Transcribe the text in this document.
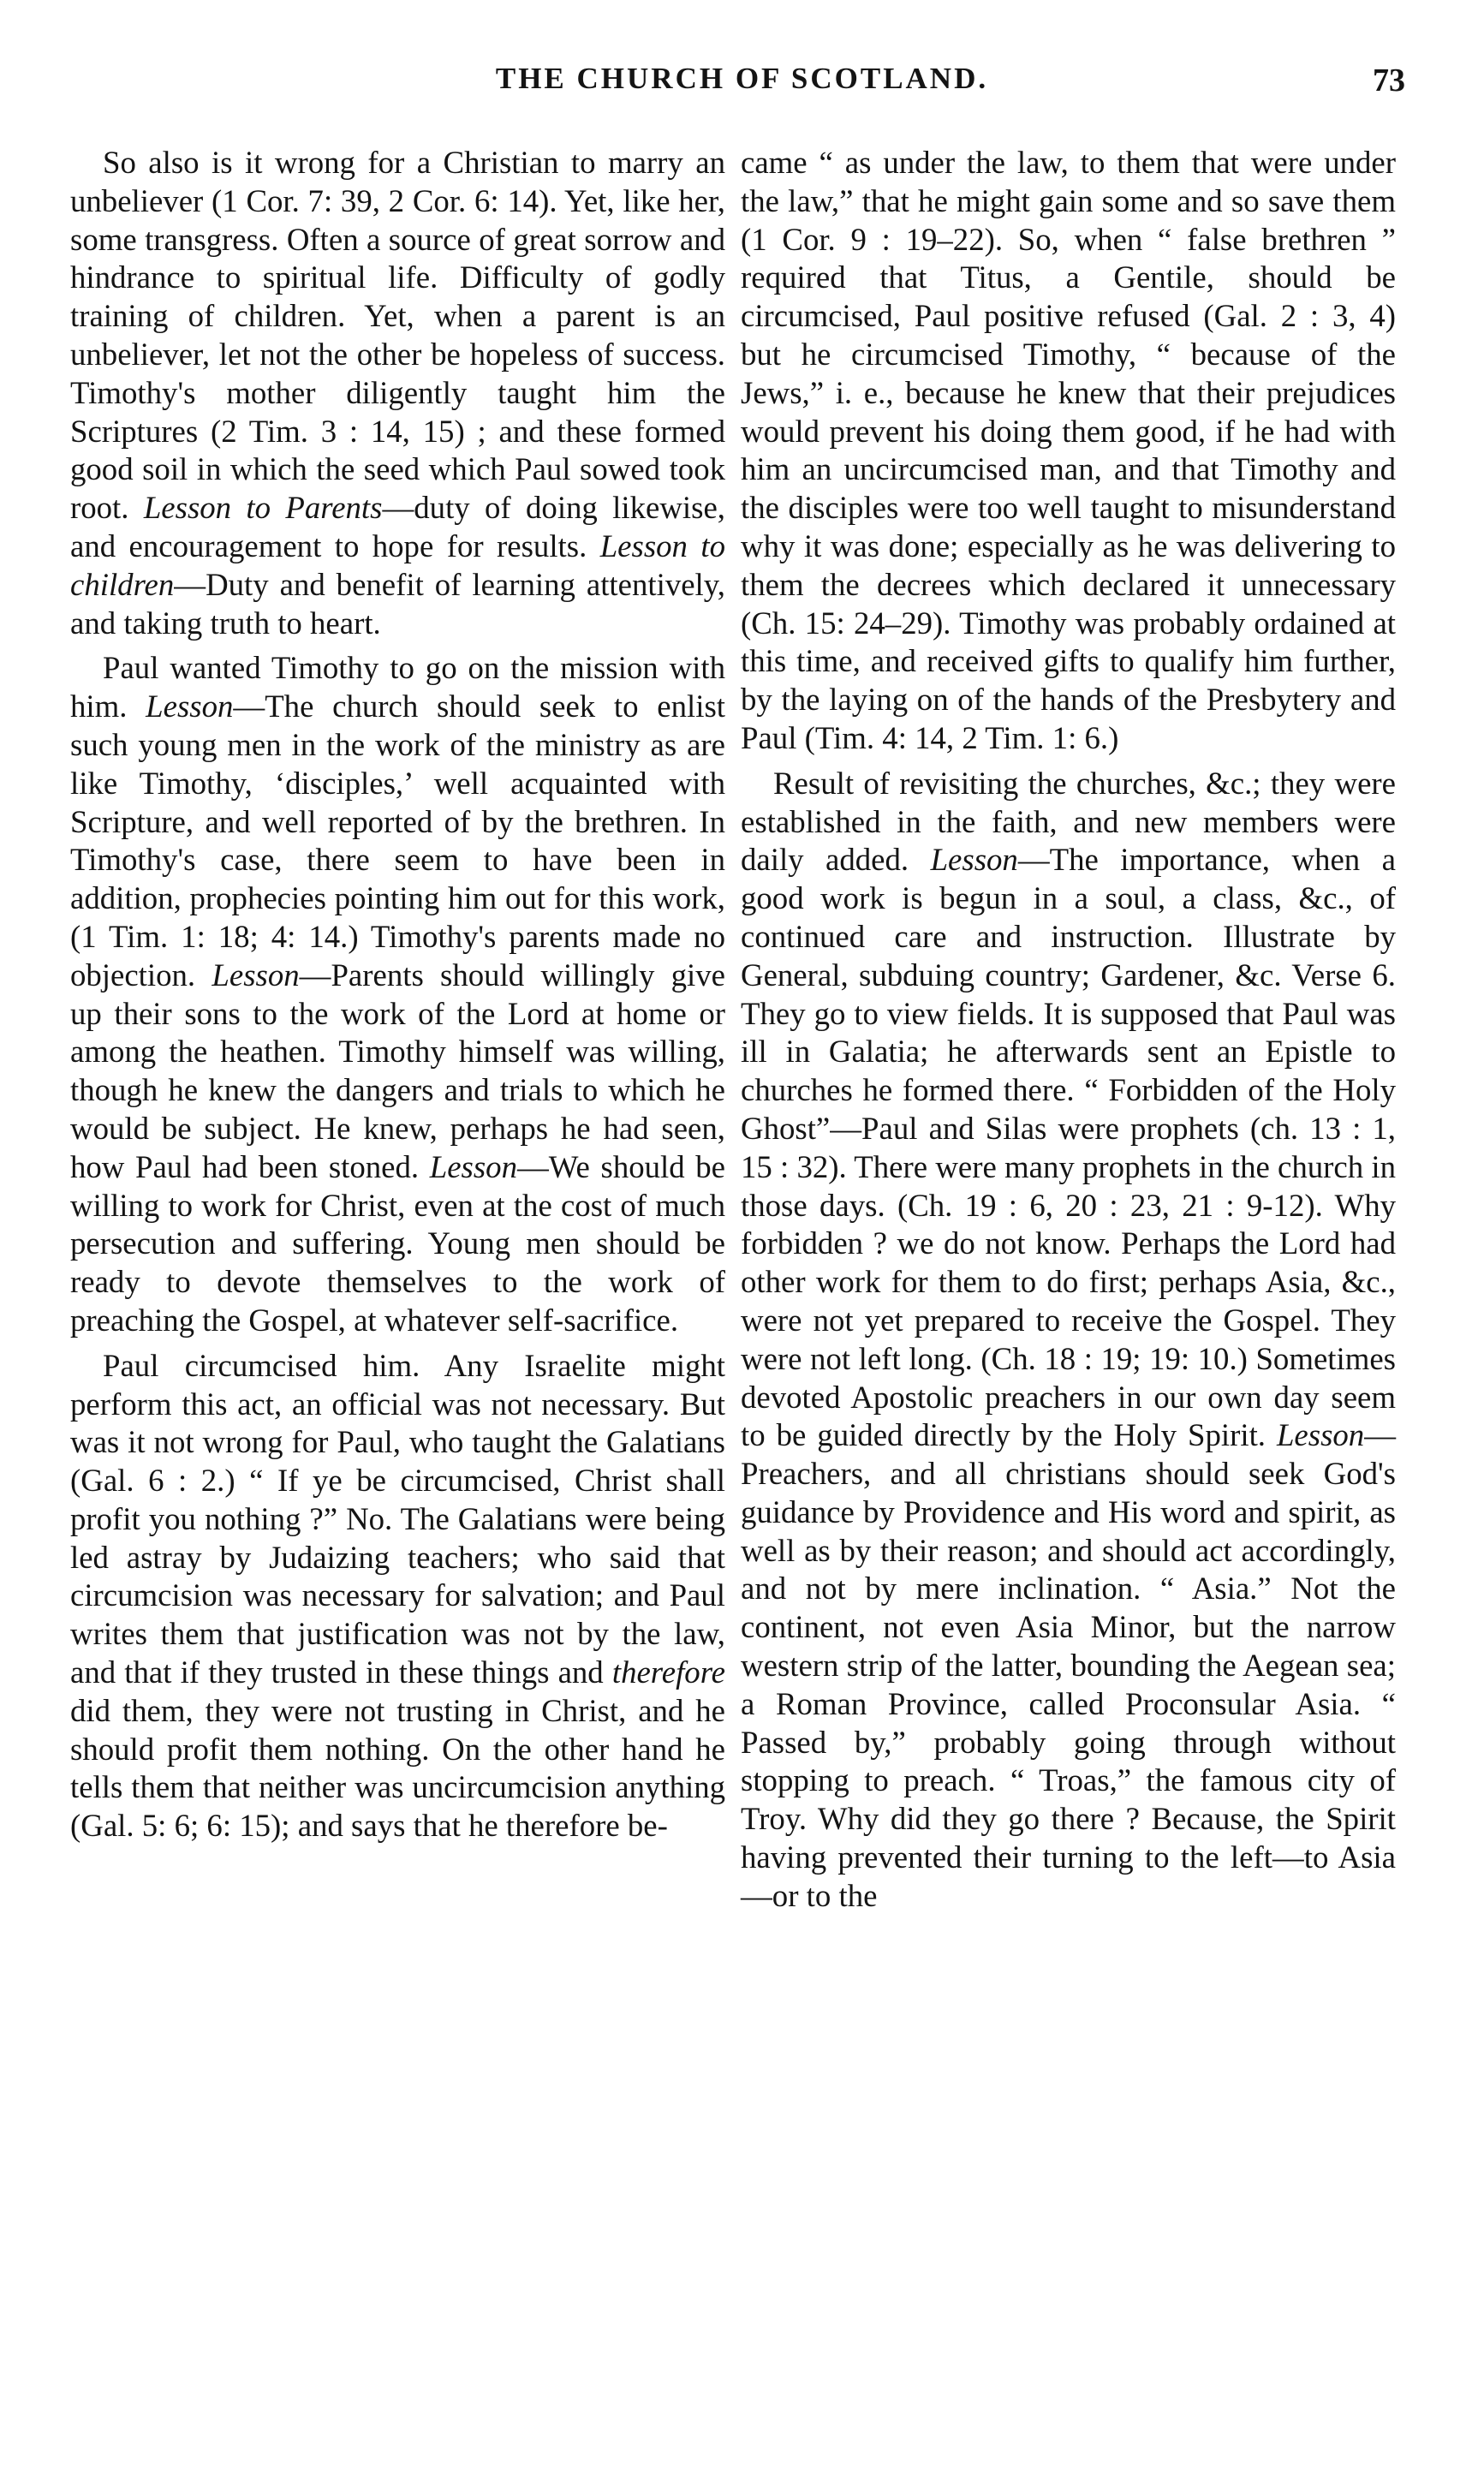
THE CHURCH OF SCOTLAND.	73

So also is it wrong for a Christian to marry an unbeliever (1 Cor. 7: 39, 2 Cor. 6: 14). Yet, like her, some transgress. Often a source of great sorrow and hindrance to spiritual life. Difficulty of godly training of children. Yet, when a parent is an unbeliever, let not the other be hopeless of success. Timothy's mother diligently taught him the Scriptures (2 Tim. 3 : 14, 15) ; and these formed good soil in which the seed which Paul sowed took root. Lesson to Parents—duty of doing likewise, and encouragement to hope for results. Lesson to children—Duty and benefit of learning attentively, and taking truth to heart.

Paul wanted Timothy to go on the mission with him. Lesson—The church should seek to enlist such young men in the work of the ministry as are like Timothy, ‘disciples,’ well acquainted with Scripture, and well reported of by the brethren. In Timothy's case, there seem to have been in addition, prophecies pointing him out for this work, (1 Tim. 1: 18; 4: 14.) Timothy's parents made no objection. Lesson—Parents should willingly give up their sons to the work of the Lord at home or among the heathen. Timothy himself was willing, though he knew the dangers and trials to which he would be subject. He knew, perhaps he had seen, how Paul had been stoned. Lesson—We should be willing to work for Christ, even at the cost of much persecution and suffering. Young men should be ready to devote themselves to the work of preaching the Gospel, at whatever self-sacrifice.

Paul circumcised him. Any Israelite might perform this act, an official was not necessary. But was it not wrong for Paul, who taught the Galatians (Gal. 6 : 2.) “ If ye be circumcised, Christ shall profit you nothing ?” No. The Galatians were being led astray by Judaizing teachers; who said that circumcision was necessary for salvation; and Paul writes them that justification was not by the law, and that if they trusted in these things and therefore did them, they were not trusting in Christ, and he should profit them nothing. On the other hand he tells them that neither was uncircumcision anything (Gal. 5: 6; 6: 15); and says that he therefore be-

came “ as under the law, to them that were under the law,” that he might gain some and so save them (1 Cor. 9 : 19–22). So, when “ false brethren ” required that Titus, a Gentile, should be circumcised, Paul positive refused (Gal. 2 : 3, 4) but he circumcised Timothy, “ because of the Jews,” i. e., because he knew that their prejudices would prevent his doing them good, if he had with him an uncircumcised man, and that Timothy and the disciples were too well taught to misunderstand why it was done; especially as he was delivering to them the decrees which declared it unnecessary (Ch. 15: 24–29). Timothy was probably ordained at this time, and received gifts to qualify him further, by the laying on of the hands of the Presbytery and Paul (Tim. 4: 14, 2 Tim. 1: 6.)

Result of revisiting the churches, &c.; they were established in the faith, and new members were daily added. Lesson—The importance, when a good work is begun in a soul, a class, &c., of continued care and instruction. Illustrate by General, subduing country; Gardener, &c. Verse 6. They go to view fields. It is supposed that Paul was ill in Galatia; he afterwards sent an Epistle to churches he formed there. “ Forbidden of the Holy Ghost”—Paul and Silas were prophets (ch. 13 : 1, 15 : 32). There were many prophets in the church in those days. (Ch. 19 : 6, 20 : 23, 21 : 9-12). Why forbidden ? we do not know. Perhaps the Lord had other work for them to do first; perhaps Asia, &c., were not yet prepared to receive the Gospel. They were not left long. (Ch. 18 : 19; 19: 10.) Sometimes devoted Apostolic preachers in our own day seem to be guided directly by the Holy Spirit. Lesson—Preachers, and all christians should seek God's guidance by Providence and His word and spirit, as well as by their reason; and should act accordingly, and not by mere inclination. “ Asia.” Not the continent, not even Asia Minor, but the narrow western strip of the latter, bounding the Aegean sea; a Roman Province, called Proconsular Asia. “ Passed by,” probably going through without stopping to preach. “ Troas,” the famous city of Troy. Why did they go there ? Because, the Spirit having prevented their turning to the left—to Asia—or to the
